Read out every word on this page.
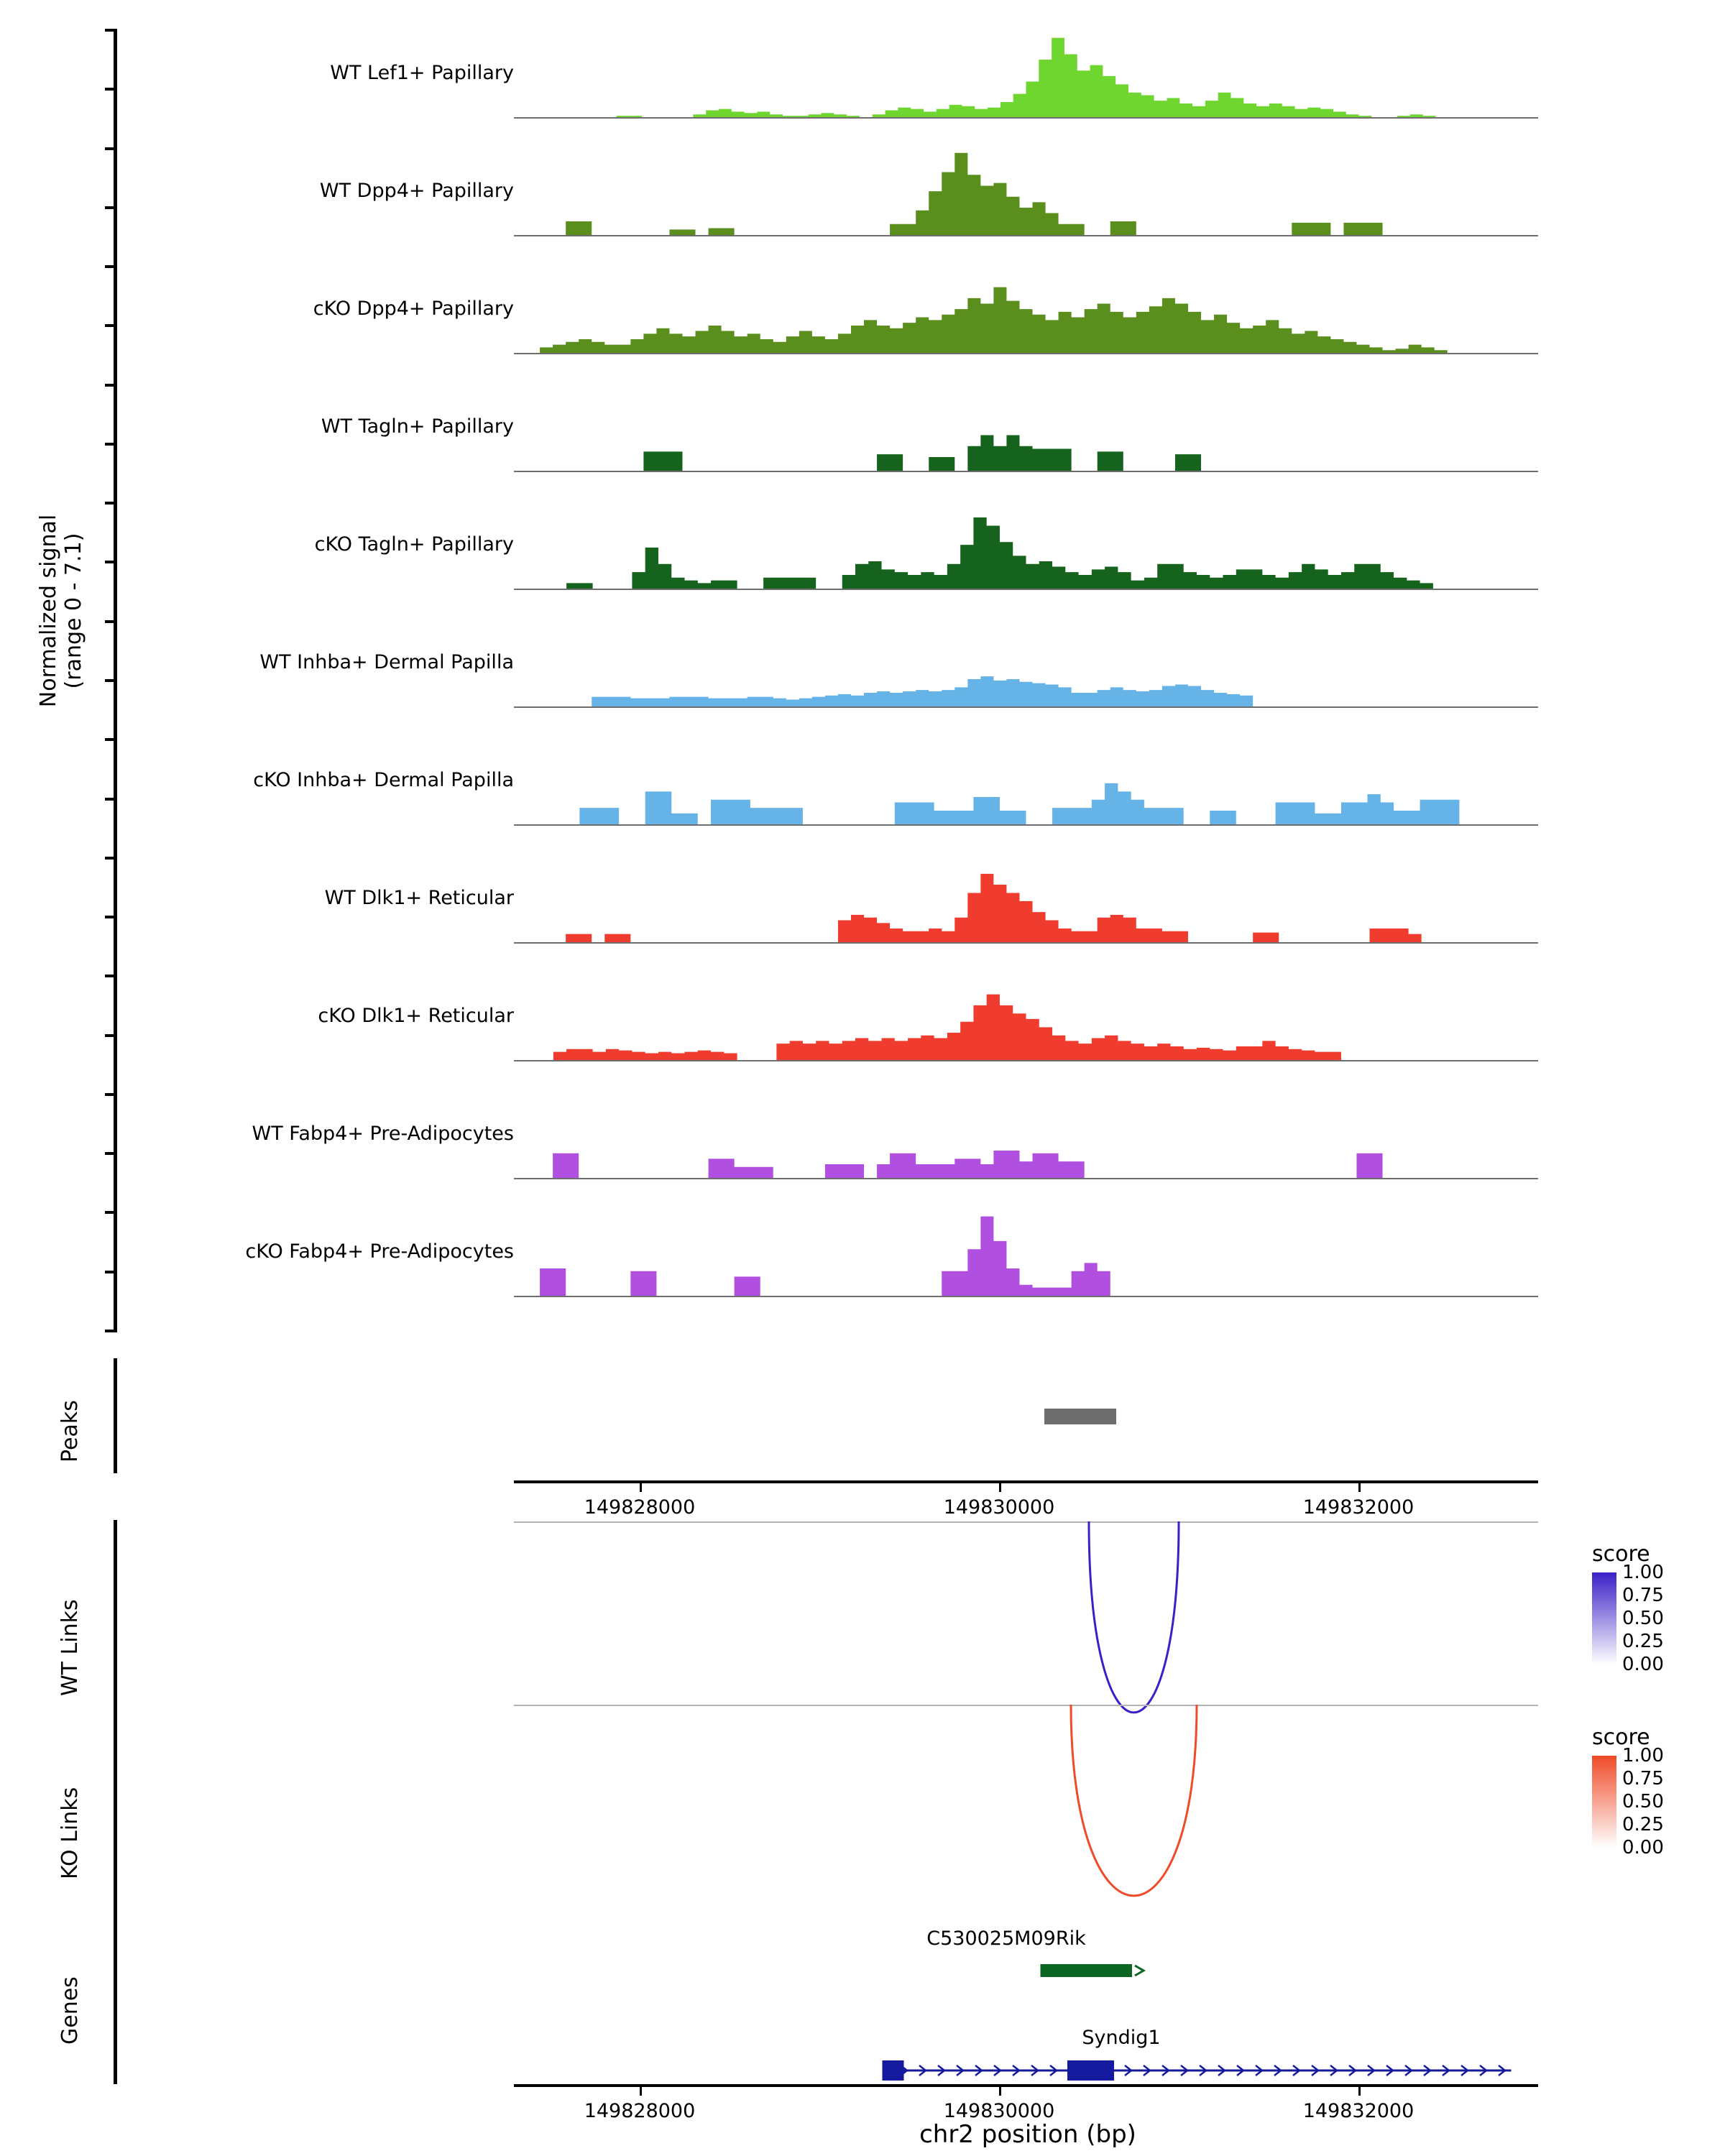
Normalized signal (range 0 - 7.1)
WT Lef1+ Papillary
WT Dpp4+ Papillary
cKO Dpp4+ Papillary
WT Tagln+ Papillary
cKO Tagln+ Papillary
WT Inhba+ Dermal Papilla
cKO Inhba+ Dermal Papilla
WT Dlk1+ Reticular
cKO Dlk1+ Reticular
WT Fabp4+ Pre-Adipocytes
cKO Fabp4+ Pre-Adipocytes
Peaks
149828000	149830000	149832000
WT Links
score
1.00
0.75
0.50
0.25
0.00
KO Links
score
1.00
0.75
0.50
0.25
0.00
Genes
C530025M09Rik
Syndig1
149828000	149830000	149832000
chr2 position (bp)
